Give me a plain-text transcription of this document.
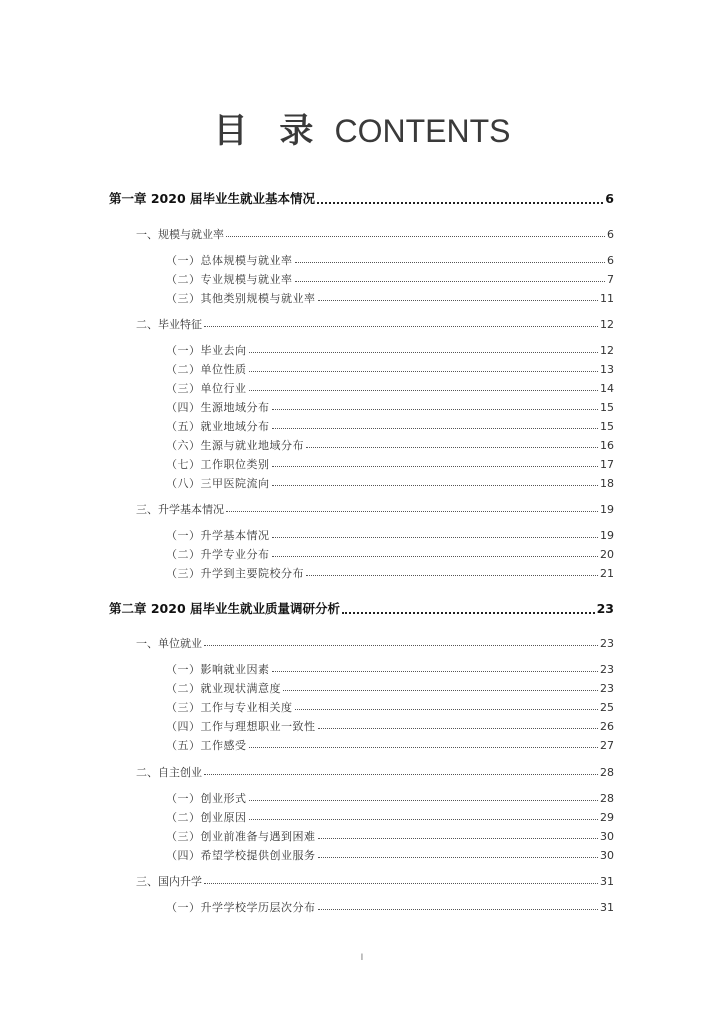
目 录 CONTENTS
第一章 2020 届毕业生就业基本情况	6
一、规模与就业率	6
（一）总体规模与就业率	6
（二）专业规模与就业率	7
（三）其他类别规模与就业率	11
二、毕业特征	12
（一）毕业去向	12
（二）单位性质	13
（三）单位行业	14
（四）生源地域分布	15
（五）就业地域分布	15
（六）生源与就业地域分布	16
（七）工作职位类别	17
（八）三甲医院流向	18
三、升学基本情况	19
（一）升学基本情况	19
（二）升学专业分布	20
（三）升学到主要院校分布	21
第二章 2020 届毕业生就业质量调研分析	23
一、单位就业	23
（一）影响就业因素	23
（二）就业现状满意度	23
（三）工作与专业相关度	25
（四）工作与理想职业一致性	26
（五）工作感受	27
二、自主创业	28
（一）创业形式	28
（二）创业原因	29
（三）创业前准备与遇到困难	30
（四）希望学校提供创业服务	30
三、国内升学	31
（一）升学学校学历层次分布	31
I
